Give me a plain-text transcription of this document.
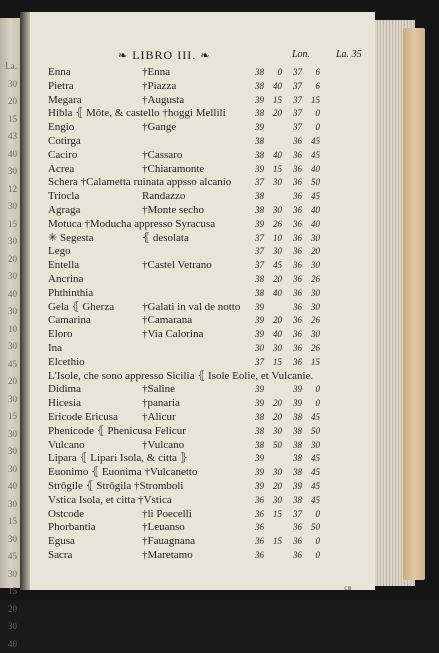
La.
30
20
15
43
40
30
12
30
15
30
20
30
40
30
10
30
45
20
30
15
30
30
30
40
30
15
30
45
30
15
20
30
40
❧ LIBRO III. ❧	Lon.	La. 35
Enna	†Enna	38	0	37	6
Pietra	†Piazza	38	40	37	6
Megara	†Augusta	39	15	37	15
Hibla ⦃ Mōte, & castello †hoggi Mellili	38	20	37	0
Engio	†Gange	39	37	0
Cotirga	38	36	45
Caciro	†Cassaro	38	40	36	45
Acrea	†Chiaramonte	39	15	36	40
Schera †Calametta ruinata appsso alcanio	37	30	36	50
Triocla	Randazzo	38	36	45
Agraga	†Monte secho	38	30	36	40
Motuca †Moducha appresso Syracusa	39	26	36	40
✳ Segesta	⦃ desolata	37	10	36	30
Lego	37	30	36	20
Entella	†Castel Vetrano	37	45	36	30
Ancrina	38	20	36	26
Phthinthia	38	40	36	30
Gela ⦃ Gherza	†Galati in val de notto	39	36	30
Camarina	†Camarana	39	20	36	26
Eloro	†Via Calorina	39	40	36	30
Ina	30	30	36	26
Elcethio	37	15	36	15
L'Isole, che sono appresso Sicilia ⦃ Isole Eolie, et Vulcanie.
Didima	†Saline	39	39	0
Hicesia	†panaria	39	20	39	0
Ericode Ericusa †Alicur	38	20	38	45
Phenicode ⦃ Phenicusa Felicur	38	30	38	50
Vulcano	†Vulcano	38	50	38	30
Lipara ⦃ Lipari Isola, & citta ⦄	39	38	45
Euonimo ⦃ Euonima †Vulcanetto	39	30	38	45
Strōgile ⦃ Strōgila †Stromboli	39	20	39	45
Vstica Isola, et citta †Vstica	36	30	38	45
Ostcode	†li Poecelli	36	15	37	0
Phorbantia	†Leuanso	36	36	50
Egusa	†Fauagnana	36	15	36	0
Sacra	†Maretamo	36	36	0
cm
